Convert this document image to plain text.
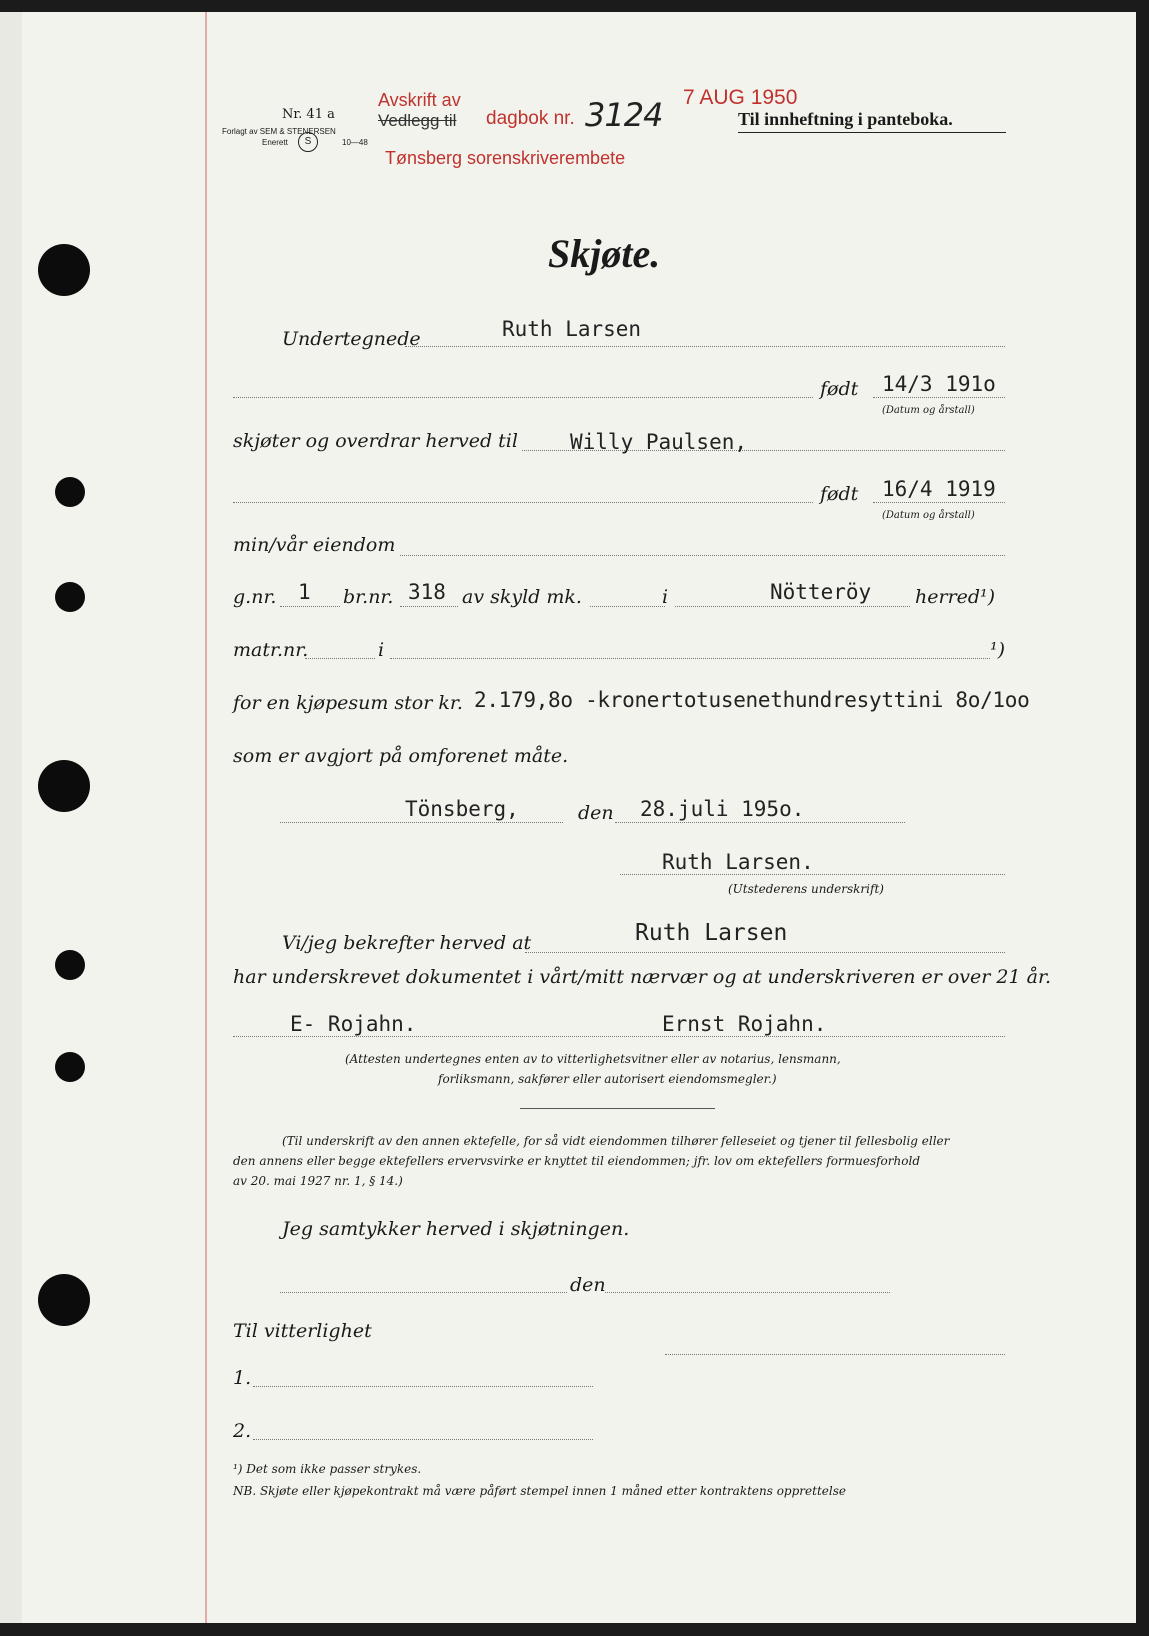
Nr. 41 a
Forlagt av SEM & STENERSEN
Enerett	S	10—48
Avskrift av
Vedlegg til dagbok nr. 3124 7 AUG 1950
Tønsberg sorenskriverembete
Til innheftning i panteboka.
Skjøte.
Undertegnede	Ruth Larsen
født 14/3 191o
(Datum og årstall)
skjøter og overdrar herved til Willy Paulsen,
født 16/4 1919
(Datum og årstall)
min/vår eiendom
g.nr. 1 br.nr. 318 av skyld mk.	i	Nötteröy herred¹)
matr.nr.	i	¹)
for en kjøpesum stor kr. 2.179,8o -kronertotusenethundresyttini 8o/1oo
som er avgjort på omforenet måte.
Tönsberg,	den 28.juli 195o.
Ruth Larsen.
(Utstederens underskrift)
Vi/jeg bekrefter herved at	Ruth Larsen
har underskrevet dokumentet i vårt/mitt nærvær og at underskriveren er over 21 år.
E- Rojahn.	Ernst Rojahn.
(Attesten undertegnes enten av to vitterlighetsvitner eller av notarius, lensmann,
forliksmann, sakfører eller autorisert eiendomsmegler.)
(Til underskrift av den annen ektefelle, for så vidt eiendommen tilhører felleseiet og tjener til fellesbolig eller
den annens eller begge ektefellers ervervsvirke er knyttet til eiendommen; jfr. lov om ektefellers formuesforhold
av 20. mai 1927 nr. 1, § 14.)
Jeg samtykker herved i skjøtningen.
den
Til vitterlighet
1.
2.
¹) Det som ikke passer strykes.
NB. Skjøte eller kjøpekontrakt må være påført stempel innen 1 måned etter kontraktens opprettelse
